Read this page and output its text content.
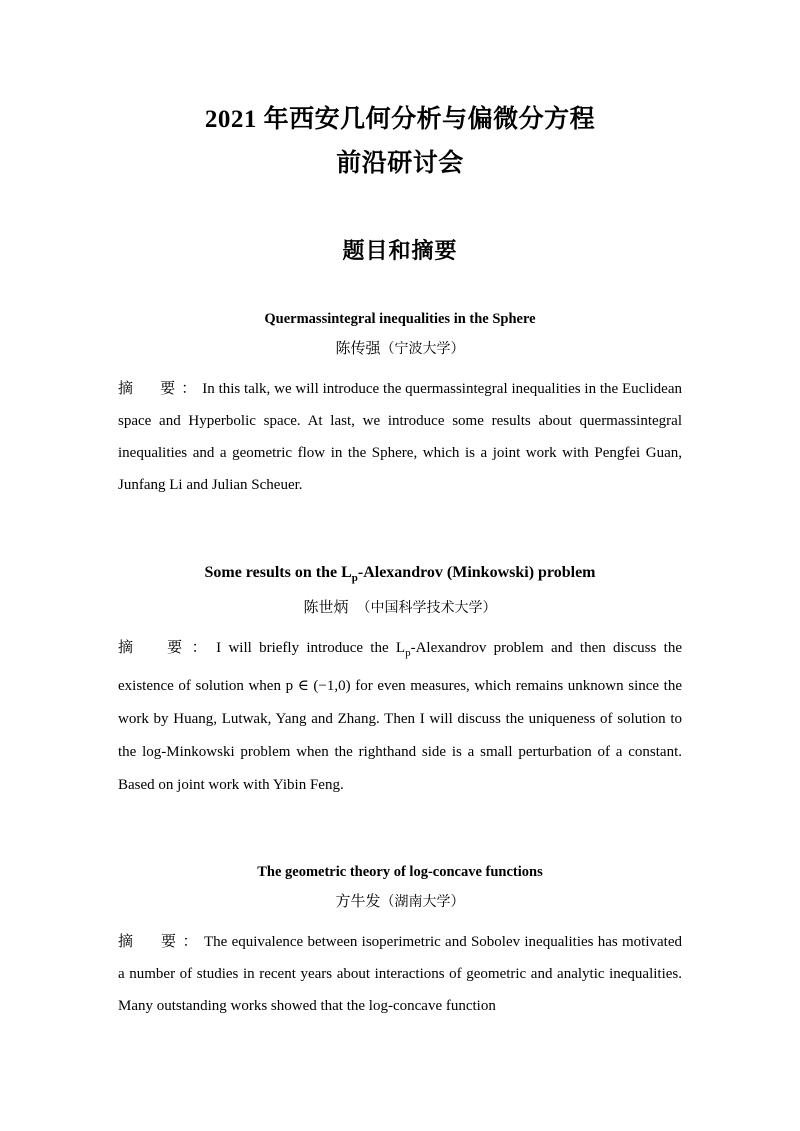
2021 年西安几何分析与偏微分方程
前沿研讨会
题目和摘要
Quermassintegral inequalities in the Sphere
陈传强（宁波大学）
摘　要：In this talk, we will introduce the quermassintegral inequalities in the Euclidean space and Hyperbolic space. At last, we introduce some results about quermassintegral inequalities and a geometric flow in the Sphere, which is a joint work with Pengfei Guan, Junfang Li and Julian Scheuer.
Some results on the $L_p$-Alexandrov (Minkowski) problem
陈世炳　 （中国科学技术大学）
摘　要：I will briefly introduce the $L_p$-Alexandrov problem and then discuss the existence of solution when p ∈ (−1,0) for even measures, which remains unknown since the work by Huang, Lutwak, Yang and Zhang. Then I will discuss the uniqueness of solution to the log-Minkowski problem when the righthand side is a small perturbation of a constant. Based on joint work with Yibin Feng.
The geometric theory of log-concave functions
方牛发（湖南大学）
摘　要：The equivalence between isoperimetric and Sobolev inequalities has motivated a number of studies in recent years about interactions of geometric and analytic inequalities. Many outstanding works showed that the log-concave function
